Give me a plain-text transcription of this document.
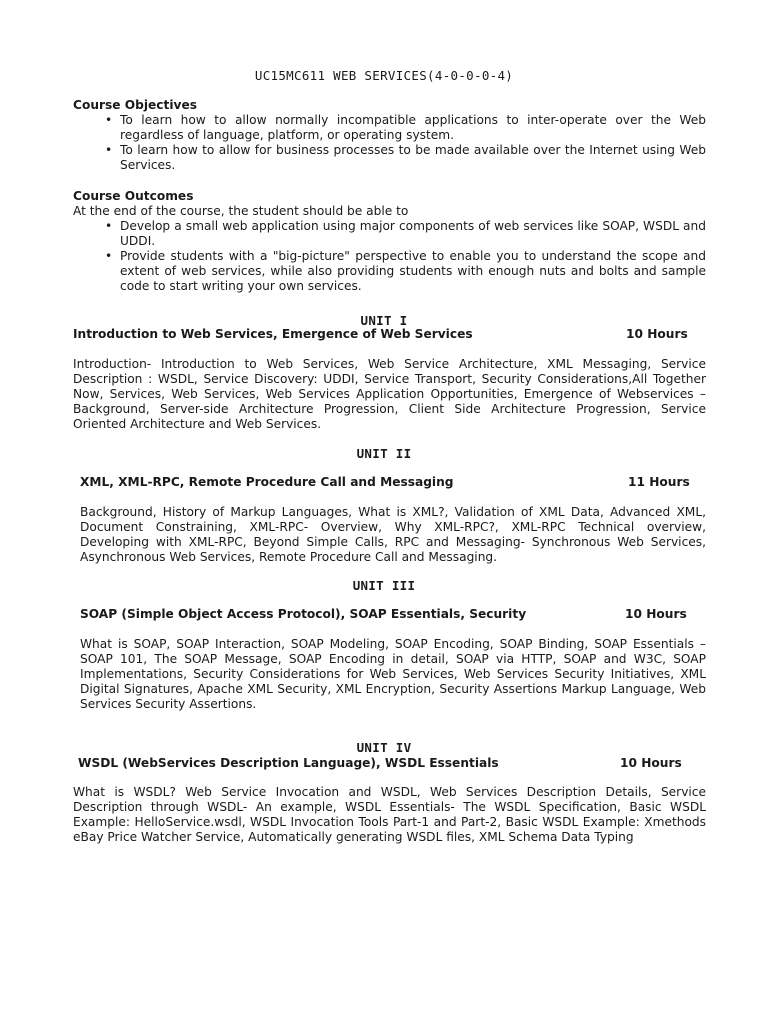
UC15MC611 WEB SERVICES(4-0-0-0-4)
Course Objectives
• To learn how to allow normally incompatible applications to inter-operate over the Web regardless of language, platform, or operating system.
• To learn how to allow for business processes to be made available over the Internet using Web Services.
Course Outcomes
At the end of the course, the student should be able to
• Develop a small web application using major components of web services like SOAP, WSDL and UDDI.
• Provide students with a "big-picture" perspective to enable you to understand the scope and extent of web services, while also providing students with enough nuts and bolts and sample code to start writing your own services.
UNIT I
Introduction to Web Services, Emergence of Web Services	10 Hours
Introduction- Introduction to Web Services, Web Service Architecture, XML Messaging, Service Description : WSDL, Service Discovery: UDDI, Service Transport, Security Considerations,All Together Now, Services, Web Services, Web Services Application Opportunities, Emergence of Webservices – Background, Server-side Architecture Progression, Client Side Architecture Progression, Service Oriented Architecture and Web Services.
UNIT II
XML, XML-RPC, Remote Procedure Call and Messaging	11 Hours
Background, History of Markup Languages, What is XML?, Validation of XML Data, Advanced XML, Document Constraining, XML-RPC- Overview, Why XML-RPC?, XML-RPC Technical overview, Developing with XML-RPC, Beyond Simple Calls, RPC and Messaging- Synchronous Web Services, Asynchronous Web Services, Remote Procedure Call and Messaging.
UNIT III
SOAP (Simple Object Access Protocol), SOAP Essentials, Security	10 Hours
What is SOAP, SOAP Interaction, SOAP Modeling, SOAP Encoding, SOAP Binding, SOAP Essentials – SOAP 101, The SOAP Message, SOAP Encoding in detail, SOAP via HTTP, SOAP and W3C, SOAP Implementations, Security Considerations for Web Services, Web Services Security Initiatives, XML Digital Signatures, Apache XML Security, XML Encryption, Security Assertions Markup Language, Web Services Security Assertions.
UNIT IV
WSDL (WebServices Description Language), WSDL Essentials	10 Hours
What is WSDL? Web Service Invocation and WSDL, Web Services Description Details, Service Description through WSDL- An example, WSDL Essentials- The WSDL Specification, Basic WSDL Example: HelloService.wsdl, WSDL Invocation Tools Part-1 and Part-2, Basic WSDL Example: Xmethods eBay Price Watcher Service, Automatically generating WSDL files, XML Schema Data Typing
